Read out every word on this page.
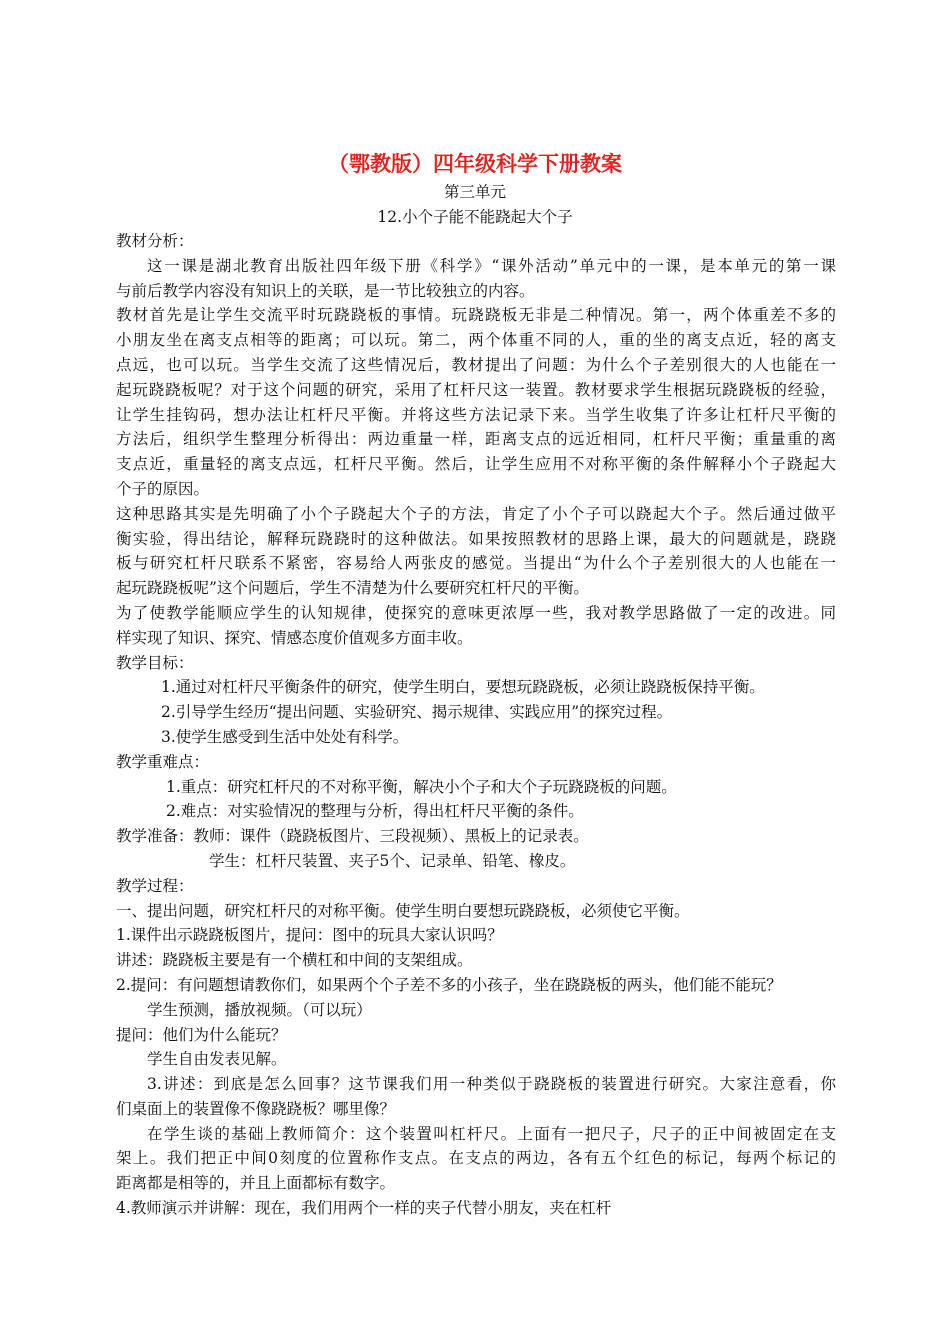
（鄂教版）四年级科学下册教案
第三单元
12.小个子能不能跷起大个子
教材分析：
这一课是湖北教育出版社四年级下册《科学》“课外活动”单元中的一课，是本单元的第一课
与前后教学内容没有知识上的关联，是一节比较独立的内容。
教材首先是让学生交流平时玩跷跷板的事情。玩跷跷板无非是二种情况。第一，两个体重差不多的
小朋友坐在离支点相等的距离；可以玩。第二，两个体重不同的人，重的坐的离支点近，轻的离支
点远，也可以玩。当学生交流了这些情况后，教材提出了问题：为什么个子差别很大的人也能在一
起玩跷跷板呢？对于这个问题的研究，采用了杠杆尺这一装置。教材要求学生根据玩跷跷板的经验，
让学生挂钩码，想办法让杠杆尺平衡。并将这些方法记录下来。当学生收集了许多让杠杆尺平衡的
方法后，组织学生整理分析得出：两边重量一样，距离支点的远近相同，杠杆尺平衡；重量重的离
支点近，重量轻的离支点远，杠杆尺平衡。然后，让学生应用不对称平衡的条件解释小个子跷起大
个子的原因。
这种思路其实是先明确了小个子跷起大个子的方法，肯定了小个子可以跷起大个子。然后通过做平
衡实验，得出结论，解释玩跷跷时的这种做法。如果按照教材的思路上课，最大的问题就是，跷跷
板与研究杠杆尺联系不紧密，容易给人两张皮的感觉。当提出“为什么个子差别很大的人也能在一
起玩跷跷板呢”这个问题后，学生不清楚为什么要研究杠杆尺的平衡。
为了使教学能顺应学生的认知规律，使探究的意味更浓厚一些，我对教学思路做了一定的改进。同
样实现了知识、探究、情感态度价值观多方面丰收。
教学目标：
1.通过对杠杆尺平衡条件的研究，使学生明白，要想玩跷跷板，必须让跷跷板保持平衡。
2.引导学生经历“提出问题、实验研究、揭示规律、实践应用”的探究过程。
3.使学生感受到生活中处处有科学。
教学重难点：
1.重点：研究杠杆尺的不对称平衡，解决小个子和大个子玩跷跷板的问题。
2.难点：对实验情况的整理与分析，得出杠杆尺平衡的条件。
教学准备：教师：课件（跷跷板图片、三段视频）、黑板上的记录表。
学生：杠杆尺装置、夹子5个、记录单、铅笔、橡皮。
教学过程：
一、提出问题，研究杠杆尺的对称平衡。使学生明白要想玩跷跷板，必须使它平衡。
1.课件出示跷跷板图片，提问：图中的玩具大家认识吗？
讲述：跷跷板主要是有一个横杠和中间的支架组成。
2.提问：有问题想请教你们，如果两个个子差不多的小孩子，坐在跷跷板的两头，他们能不能玩？
学生预测，播放视频。（可以玩）
提问：他们为什么能玩？
学生自由发表见解。
3.讲述：到底是怎么回事？这节课我们用一种类似于跷跷板的装置进行研究。大家注意看，你
们桌面上的装置像不像跷跷板？哪里像？
在学生谈的基础上教师简介：这个装置叫杠杆尺。上面有一把尺子，尺子的正中间被固定在支
架上。我们把正中间0刻度的位置称作支点。在支点的两边，各有五个红色的标记，每两个标记的
距离都是相等的，并且上面都标有数字。
4.教师演示并讲解：现在，我们用两个一样的夹子代替小朋友，夹在杠杆
